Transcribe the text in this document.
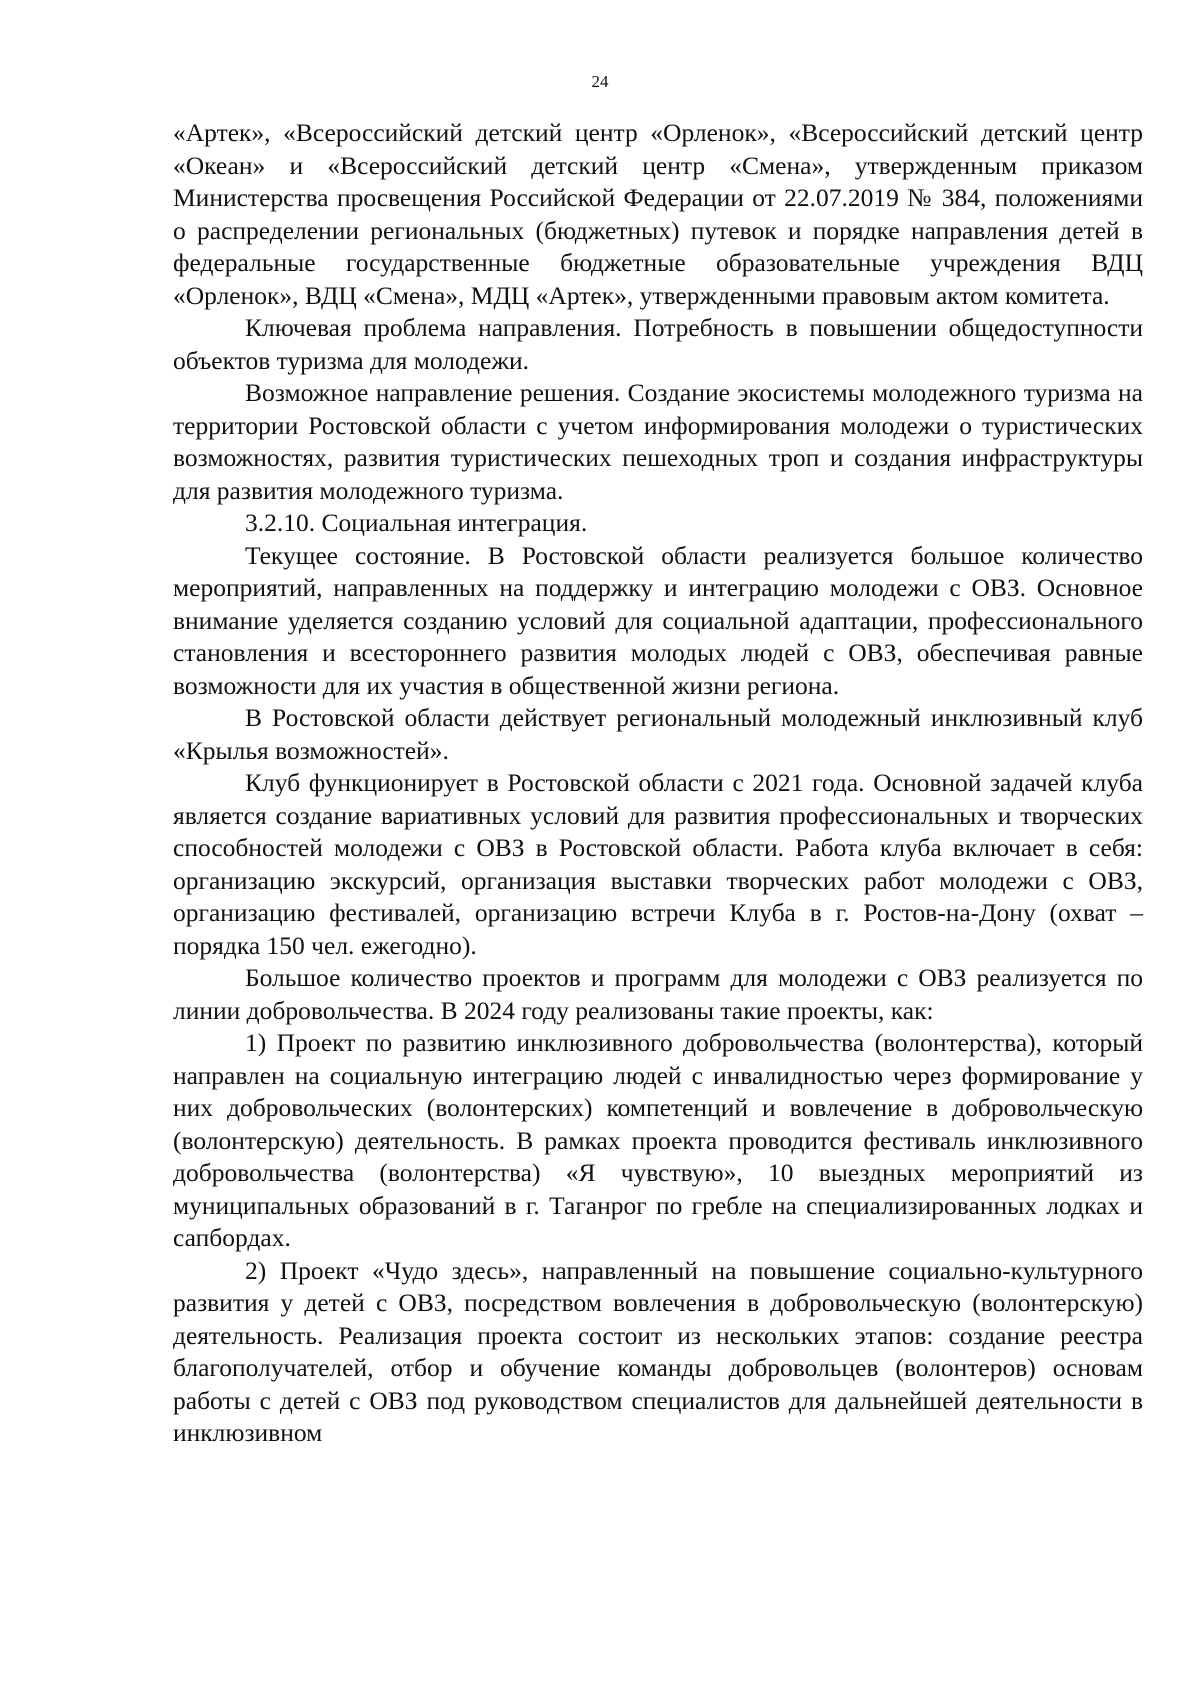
24

«Артек», «Всероссийский детский центр «Орленок», «Всероссийский детский центр «Океан» и «Всероссийский детский центр «Смена», утвержденным приказом Министерства просвещения Российской Федерации от 22.07.2019 № 384, положениями о распределении региональных (бюджетных) путевок и порядке направления детей в федеральные государственные бюджетные образовательные учреждения ВДЦ «Орленок», ВДЦ «Смена», МДЦ «Артек», утвержденными правовым актом комитета.

Ключевая проблема направления. Потребность в повышении общедоступности объектов туризма для молодежи.

Возможное направление решения. Создание экосистемы молодежного туризма на территории Ростовской области с учетом информирования молодежи о туристических возможностях, развития туристических пешеходных троп и создания инфраструктуры для развития молодежного туризма.

3.2.10. Социальная интеграция.

Текущее состояние. В Ростовской области реализуется большое количество мероприятий, направленных на поддержку и интеграцию молодежи с ОВЗ. Основное внимание уделяется созданию условий для социальной адаптации, профессионального становления и всестороннего развития молодых людей с ОВЗ, обеспечивая равные возможности для их участия в общественной жизни региона.

В Ростовской области действует региональный молодежный инклюзивный клуб «Крылья возможностей».

Клуб функционирует в Ростовской области с 2021 года. Основной задачей клуба является создание вариативных условий для развития профессиональных и творческих способностей молодежи с ОВЗ в Ростовской области. Работа клуба включает в себя: организацию экскурсий, организация выставки творческих работ молодежи с ОВЗ, организацию фестивалей, организацию встречи Клуба в г. Ростов-на-Дону (охват – порядка 150 чел. ежегодно).

Большое количество проектов и программ для молодежи с ОВЗ реализуется по линии добровольчества. В 2024 году реализованы такие проекты, как:

1) Проект по развитию инклюзивного добровольчества (волонтерства), который направлен на социальную интеграцию людей с инвалидностью через формирование у них добровольческих (волонтерских) компетенций и вовлечение в добровольческую (волонтерскую) деятельность. В рамках проекта проводится фестиваль инклюзивного добровольчества (волонтерства) «Я чувствую», 10 выездных мероприятий из муниципальных образований в г. Таганрог по гребле на специализированных лодках и сапбордах.

2) Проект «Чудо здесь», направленный на повышение социально-культурного развития у детей с ОВЗ, посредством вовлечения в добровольческую (волонтерскую) деятельность. Реализация проекта состоит из нескольких этапов: создание реестра благополучателей, отбор и обучение команды добровольцев (волонтеров) основам работы с детей с ОВЗ под руководством специалистов для дальнейшей деятельности в инклюзивном
